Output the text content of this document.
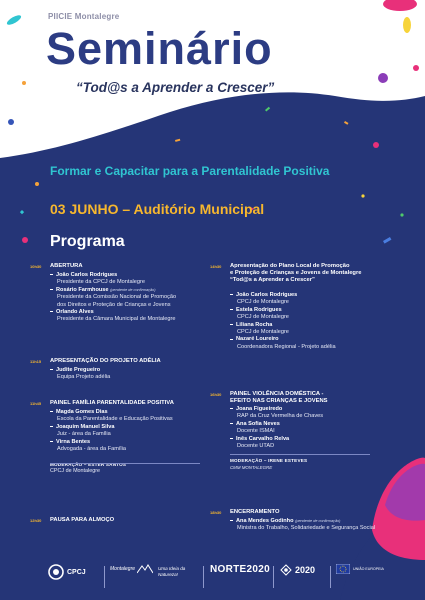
PIICIE Montalegre
Seminário
“Tod@s a Aprender a Crescer”
Formar e Capacitar para a Parentalidade Positiva
03 JUNHO – Auditório Municipal
Programa
10h30 ABERTURA
João Carlos Rodrigues
Presidente da CPCJ de Montalegre
Rosário Farmhouse (pendente de confirmação)
Presidente da Comissão Nacional de Promoção
dos Direitos e Proteção de Crianças e Jovens
Orlando Alves
Presidente da Câmara Municipal de Montalegre
11h15 APRESENTAÇÃO DO PROJETO ADÉLIA
Judite Pregueiro
Equipa Projeto adélia
11h45 PAINEL FAMÍLIA PARENTALIDADE POSITIVA
Magda Gomes Dias
Escola da Parentalidade e Educação Positivas
Joaquim Manuel Silva
Juiz - área da Família
Virna Bentes
Advogada - área da Família
MODERAÇÃO – ESTER SANTOS
CPCJ de Montalegre
12h30 PAUSA PARA ALMOÇO
14h30 Apresentação do Plano Local de Promoção
e Proteção de Crianças e Jovens de Montalegre
“Tod@s a Aprender a Crescer”
João Carlos Rodrigues
CPCJ de Montalegre
Estela Rodrigues
CPCJ de Montalegre
Liliana Rocha
CPCJ de Montalegre
Nazaré Loureiro
Coordenadora Regional - Projeto adélia
16h30 PAINEL VIOLÊNCIA DOMÉSTICA -
EFEITO NAS CRIANÇAS E JOVENS
Joana Figueiredo
RAP da Cruz Vermelha de Chaves
Ana Sofia Neves
Docente ISMAI
Inês Carvalho Relva
Docente UTAD
MODERAÇÃO – IRENE ESTEVES
CMM MONTALEGRE
18h30 ENCERRAMENTO
Ana Mendes Godinho (pendente de confirmação)
Ministra do Trabalho, Solidariedade e Segurança Social
CPCJ	Montalegre	Uma Ideia da Natureza!	NORTE2020	2020	UNIÃO EUROPEIA
